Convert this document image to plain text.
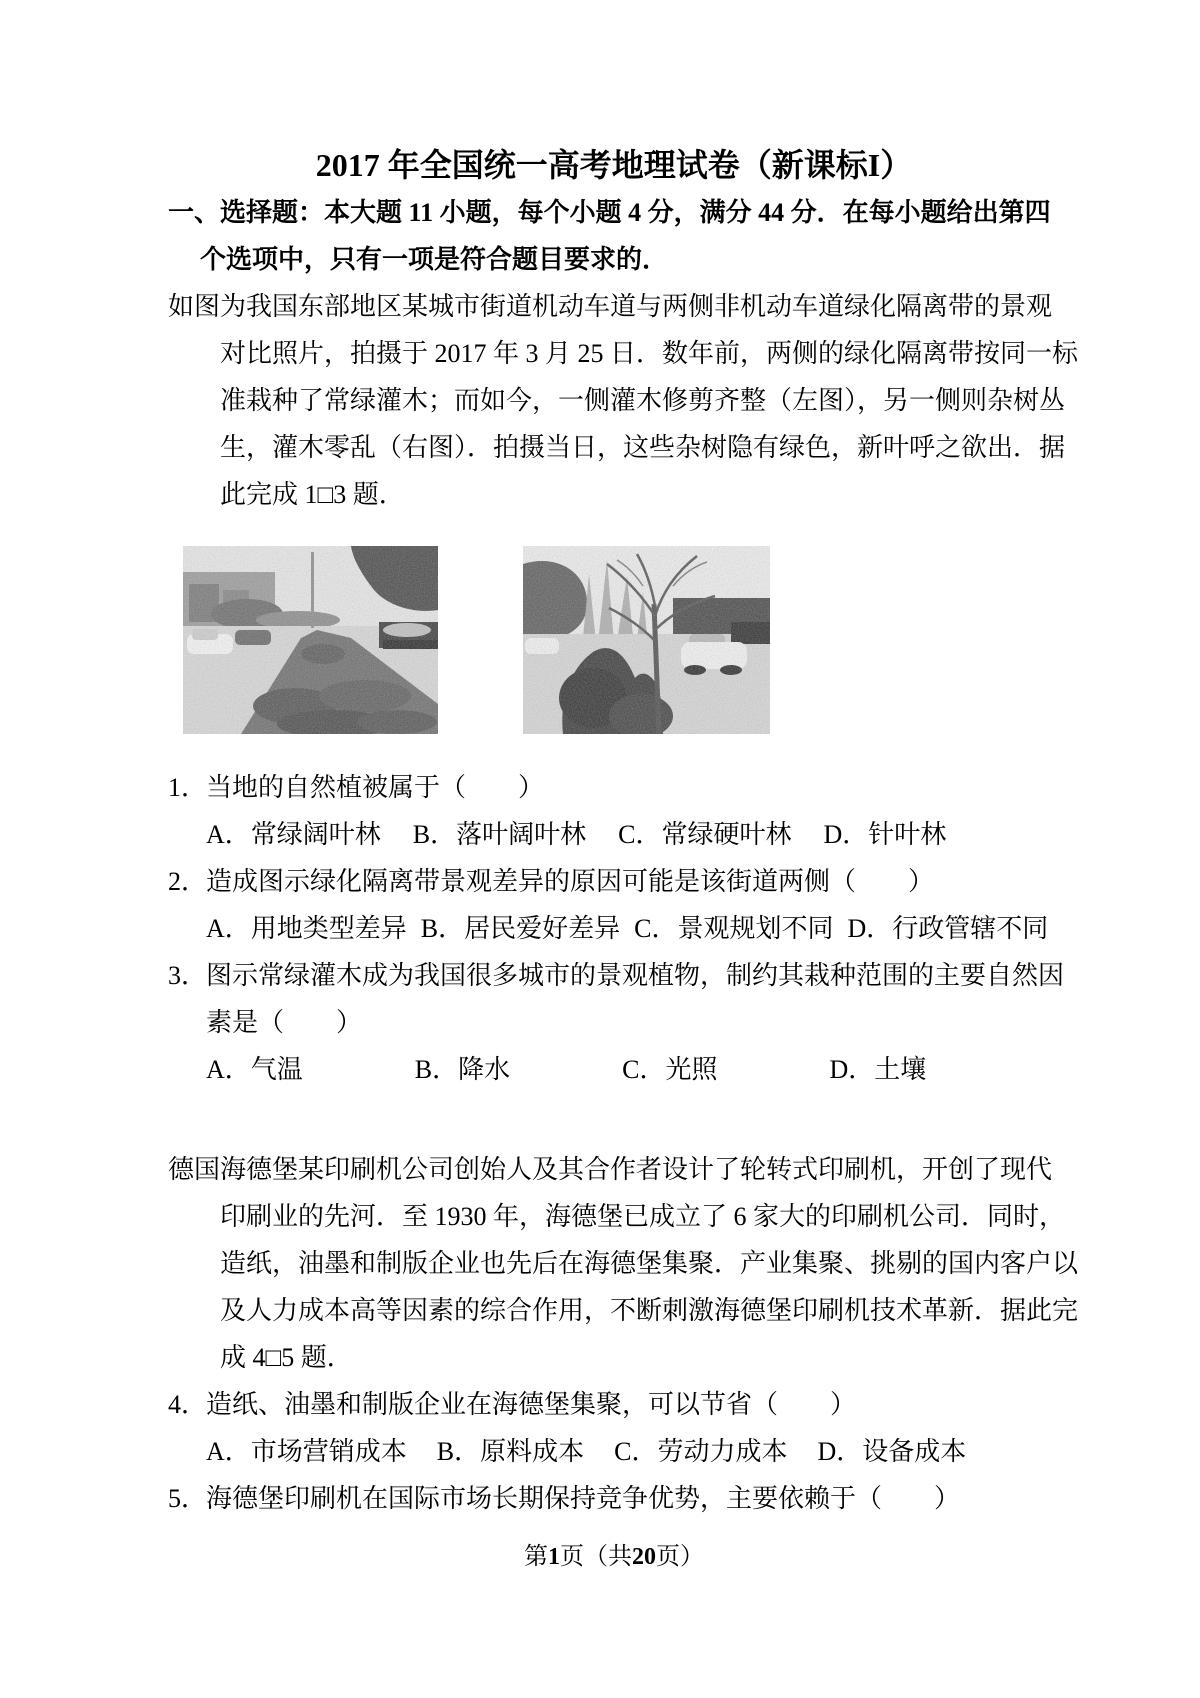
2017 年全国统一高考地理试卷（新课标I）
一、选择题：本大题 11 小题，每个小题 4 分，满分 44 分．在每小题给出第四
个选项中，只有一项是符合题目要求的．
如图为我国东部地区某城市街道机动车道与两侧非机动车道绿化隔离带的景观
对比照片，拍摄于 2017 年 3 月 25 日．数年前，两侧的绿化隔离带按同一标
准栽种了常绿灌木；而如今，一侧灌木修剪齐整（左图），另一侧则杂树丛
生，灌木零乱（右图）．拍摄当日，这些杂树隐有绿色，新叶呼之欲出．据
此完成 1□3 题．
1．
当地的自然植被属于（　　）
A．常绿阔叶林 B．落叶阔叶林 C．常绿硬叶林 D．针叶林
2．
造成图示绿化隔离带景观差异的原因可能是该街道两侧（　　）
A．用地类型差异 B．居民爱好差异 C．景观规划不同 D．行政管辖不同
3．
图示常绿灌木成为我国很多城市的景观植物，制约其栽种范围的主要自然因
素是（　　）
A．气温	B．降水	C．光照	D．土壤
德国海德堡某印刷机公司创始人及其合作者设计了轮转式印刷机，开创了现代
印刷业的先河．至 1930 年，海德堡已成立了 6 家大的印刷机公司．同时，
造纸，油墨和制版企业也先后在海德堡集聚．产业集聚、挑剔的国内客户以
及人力成本高等因素的综合作用，不断刺激海德堡印刷机技术革新．据此完
成 4□5 题．
4．
造纸、油墨和制版企业在海德堡集聚，可以节省（　　）
A．市场营销成本 B．原料成本 C．劳动力成本 D．设备成本
5．
海德堡印刷机在国际市场长期保持竞争优势，主要依赖于（　　）
第1页（共20页）
